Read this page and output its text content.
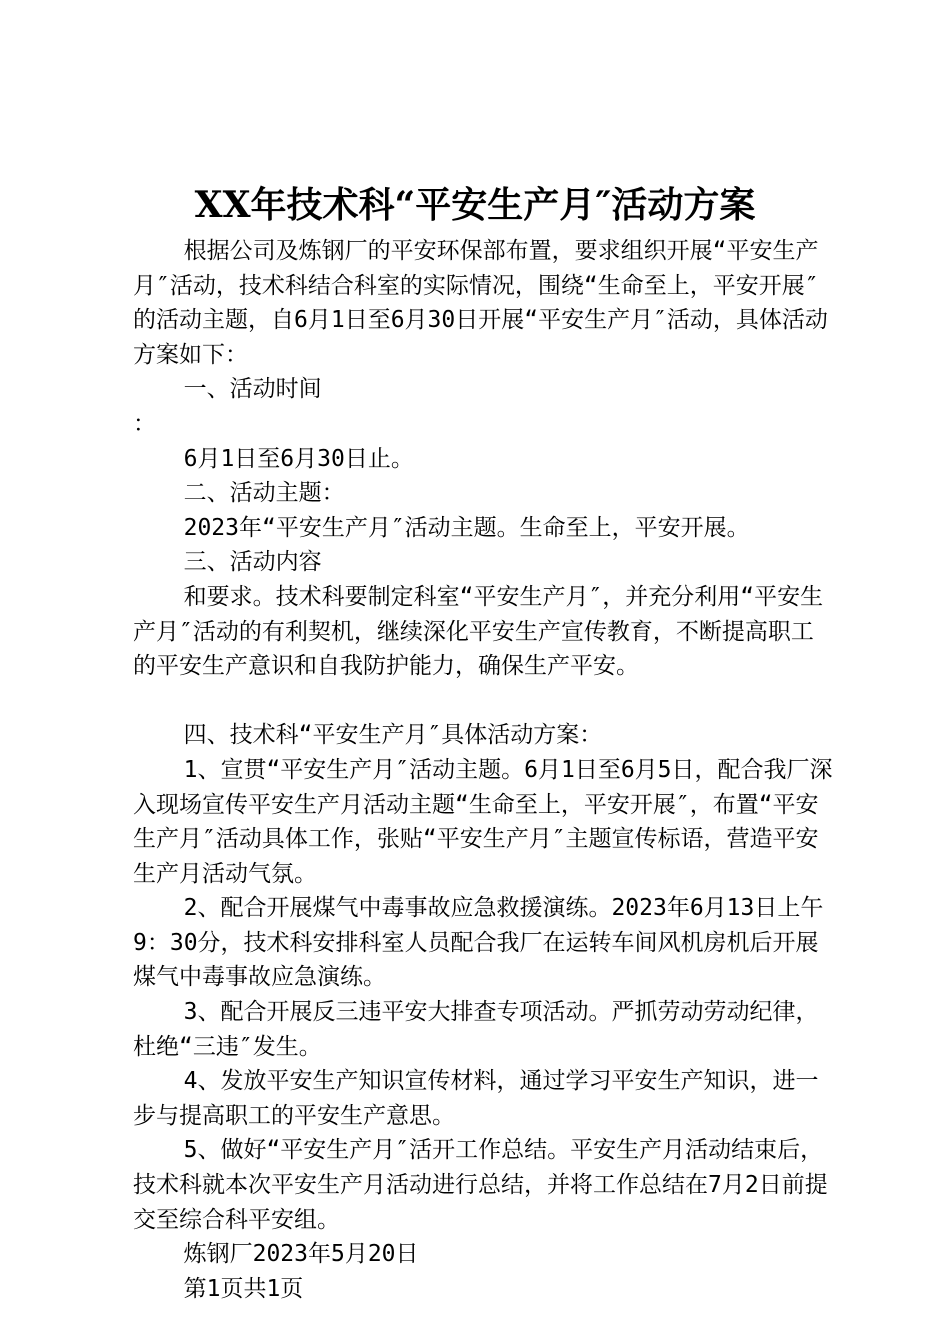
XX年技术科“平安生产月″活动方案

根据公司及炼钢厂的平安环保部布置，要求组织开展“平安生产月″活动，技术科结合科室的实际情况，围绕“生命至上，平安开展″的活动主题，自6月1日至6月30日开展“平安生产月″活动，具体活动方案如下：

一、活动时间

：

6月1日至6月30日止。

二、活动主题：

2023年“平安生产月″活动主题。生命至上，平安开展。

三、活动内容

和要求。技术科要制定科室“平安生产月″，并充分利用“平安生产月″活动的有利契机，继续深化平安生产宣传教育，不断提高职工的平安生产意识和自我防护能力，确保生产平安。

四、技术科“平安生产月″具体活动方案：

1、宣贯“平安生产月″活动主题。6月1日至6月5日，配合我厂深入现场宣传平安生产月活动主题“生命至上，平安开展″，布置“平安生产月″活动具体工作，张贴“平安生产月″主题宣传标语，营造平安生产月活动气氛。

2、配合开展煤气中毒事故应急救援演练。2023年6月13日上午9：30分，技术科安排科室人员配合我厂在运转车间风机房机后开展煤气中毒事故应急演练。

3、配合开展反三违平安大排查专项活动。严抓劳动劳动纪律，杜绝“三违″发生。

4、发放平安生产知识宣传材料，通过学习平安生产知识，进一步与提高职工的平安生产意思。

5、做好“平安生产月″活开工作总结。平安生产月活动结束后，技术科就本次平安生产月活动进行总结，并将工作总结在7月2日前提交至综合科平安组。

炼钢厂2023年5月20日

第1页共1页
